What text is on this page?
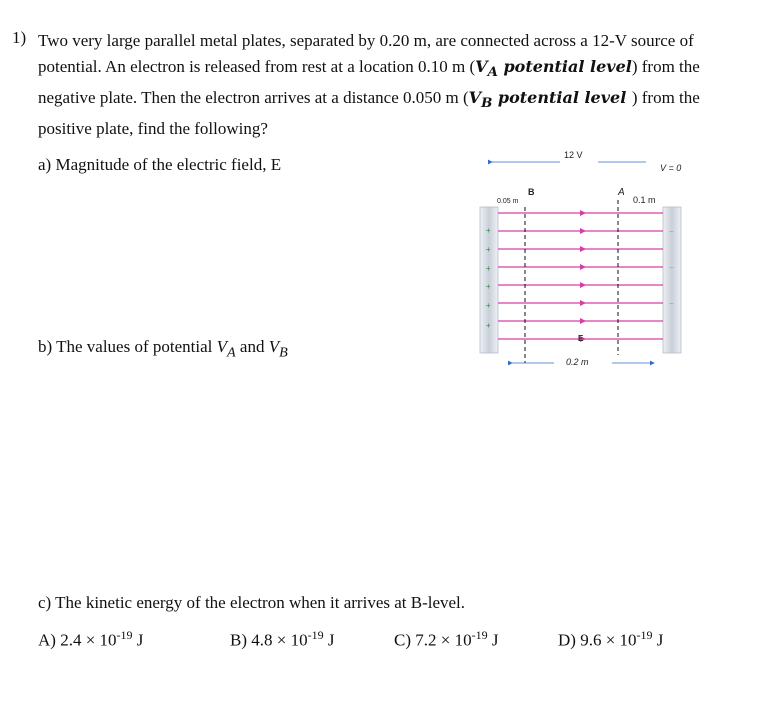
1) Two very large parallel metal plates, separated by 0.20 m, are connected across a 12-V source of potential. An electron is released from rest at a location 0.10 m ($V_A$ potential level) from the negative plate. Then the electron arrives at a distance 0.050 m ($V_B$ potential level ) from the positive plate, find the following?
a) Magnitude of the electric field, E
b) The values of potential $V_A$ and $V_B$
c) The kinetic energy of the electron when it arrives at B-level.
A) $2.4 \times 10^{-19}$ J	B) $4.8 \times 10^{-19}$ J	C) $7.2 \times 10^{-19}$ J	D) $9.6 \times 10^{-19}$ J
12 V
V = 0
+
+
+
+
+
+
−
−
−
B	A
0.05 m	0.1 m
E
0.2 m
